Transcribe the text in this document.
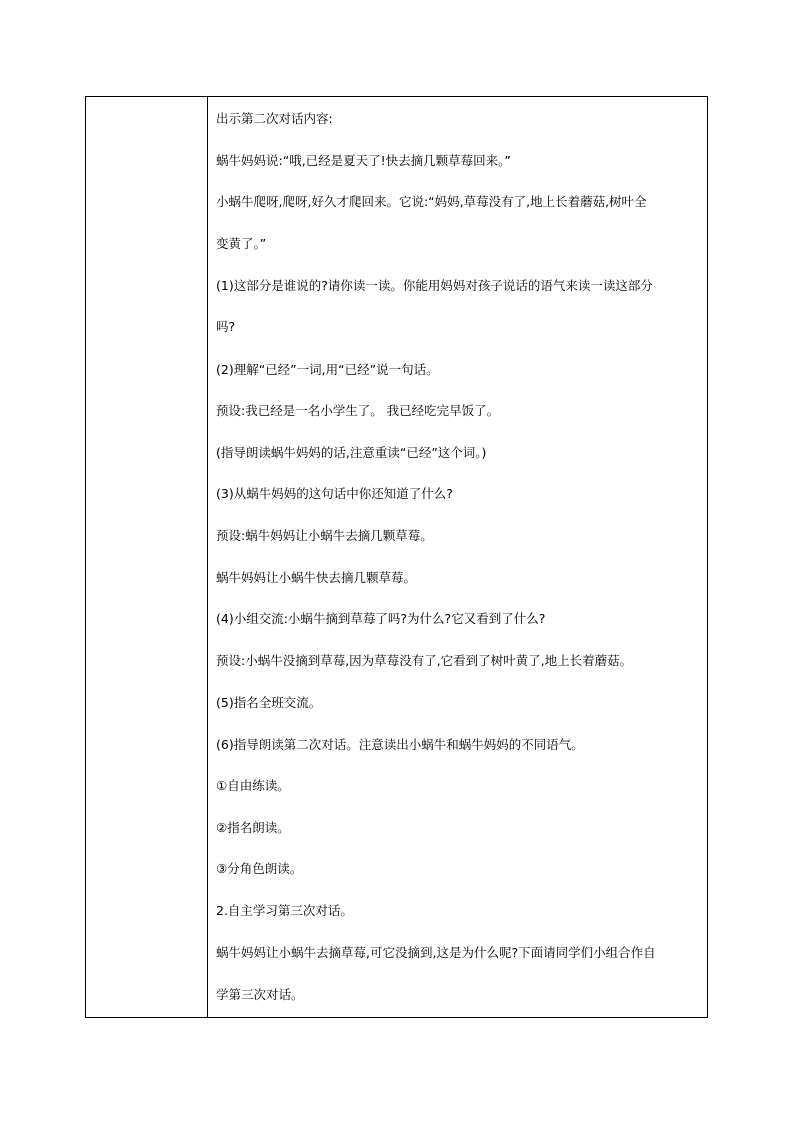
出示第二次对话内容:
蜗牛妈妈说:“哦,已经是夏天了!快去摘几颗草莓回来。”
小蜗牛爬呀,爬呀,好久才爬回来。它说:“妈妈,草莓没有了,地上长着蘑菇,树叶全
变黄了。”
(1)这部分是谁说的?请你读一读。你能用妈妈对孩子说话的语气来读一读这部分
吗?
(2)理解“已经”一词,用“已经”说一句话。
预设:我已经是一名小学生了。 我已经吃完早饭了。
(指导朗读蜗牛妈妈的话,注意重读“已经”这个词。)
(3)从蜗牛妈妈的这句话中你还知道了什么?
预设:蜗牛妈妈让小蜗牛去摘几颗草莓。
蜗牛妈妈让小蜗牛快去摘几颗草莓。
(4)小组交流:小蜗牛摘到草莓了吗?为什么?它又看到了什么?
预设:小蜗牛没摘到草莓,因为草莓没有了,它看到了树叶黄了,地上长着蘑菇。
(5)指名全班交流。
(6)指导朗读第二次对话。注意读出小蜗牛和蜗牛妈妈的不同语气。
①自由练读。
②指名朗读。
③分角色朗读。
2.自主学习第三次对话。
蜗牛妈妈让小蜗牛去摘草莓,可它没摘到,这是为什么呢?下面请同学们小组合作自
学第三次对话。
